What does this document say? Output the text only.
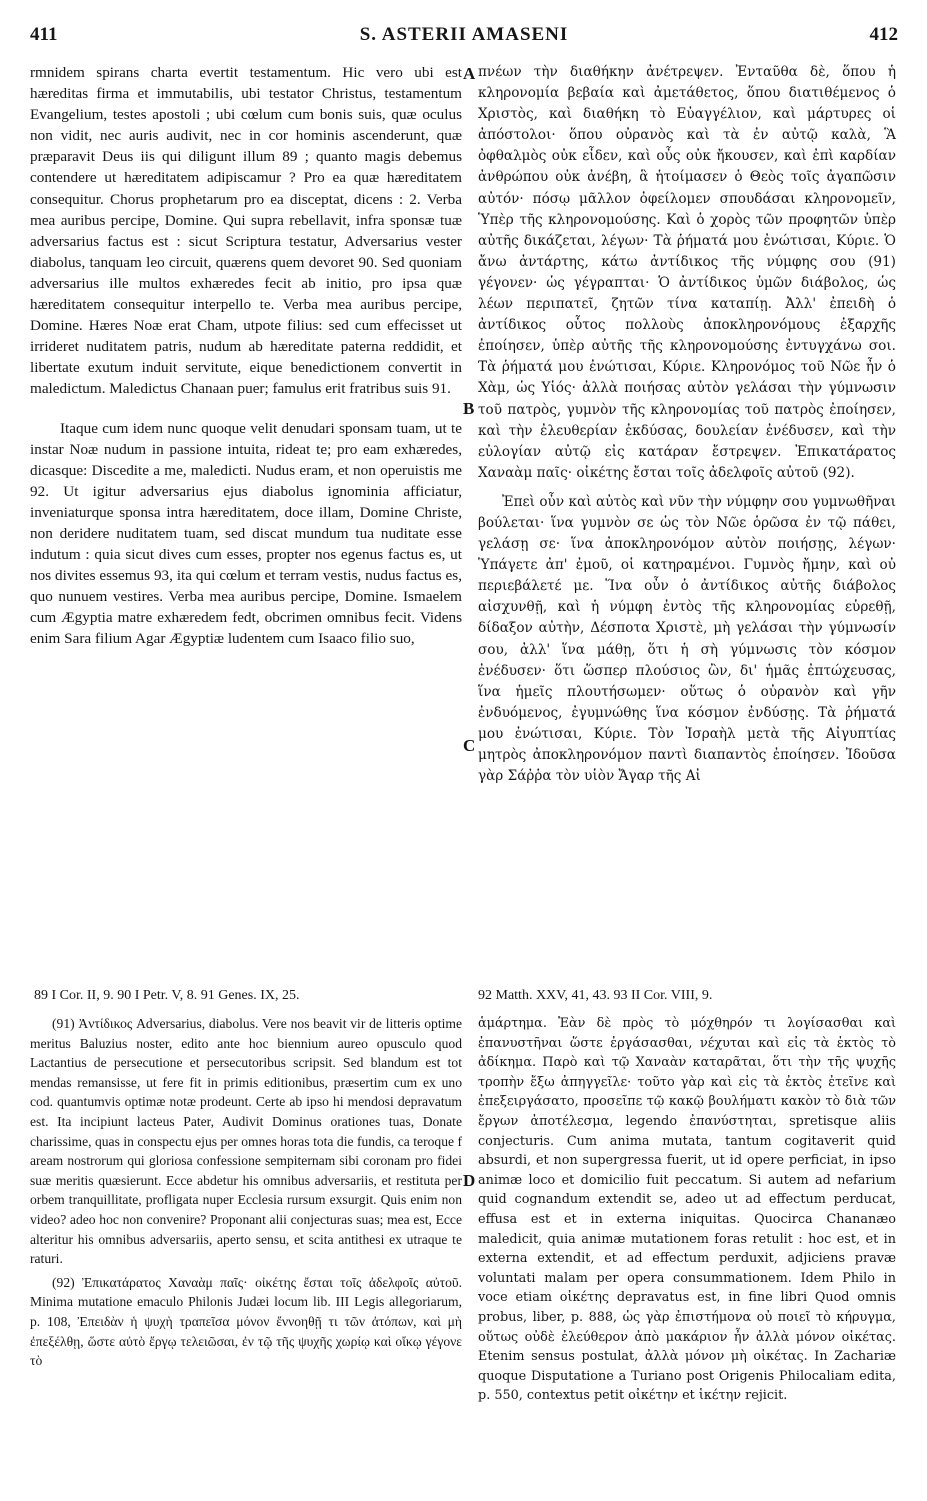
411	S. ASTERII AMASENI	412

rmnidem spirans charta evertit testamentum. Hic vero ubi est hæreditas firma et immutabilis, ubi testator Christus, testamentum Evangelium, testes apostoli ; ubi cœlum cum bonis suis, quæ oculus non vidit, nec auris audivit, nec in cor hominis ascenderunt, quæ præparavit Deus iis qui diligunt illum 89 ; quanto magis debemus contendere ut hæreditatem adipiscamur ? Pro ea quæ hæreditatem consequitur. Chorus prophetarum pro ea disceptat, dicens : 2. Verba mea auribus percipe, Domine. Qui supra rebellavit, infra sponsæ tuæ adversarius factus est : sicut Scriptura testatur, Adversarius vester diabolus, tanquam leo circuit, quærens quem devoret 90. Sed quoniam adversarius ille multos exhæredes fecit ab initio, pro ipsa quæ hæreditatem consequitur interpello te. Verba mea auribus percipe, Domine. Hæres Noæ erat Cham, utpote filius: sed cum effecisset ut irrideret nuditatem patris, nudum ab hæreditate paterna reddidit, et libertate exutum induit servitute, eique benedictionem convertit in maledictum. Maledictus Chanaan puer; famulus erit fratribus suis 91.

Itaque cum idem nunc quoque velit denudari sponsam tuam, ut te instar Noæ nudum in passione intuita, rideat te; pro eam exhæredes, dicasque: Discedite a me, maledicti. Nudus eram, et non operuistis me 92. Ut igitur adversarius ejus diabolus ignominia afficiatur, inveniaturque sponsa intra hæreditatem, doce illam, Domine Christe, non deridere nuditatem tuam, sed discat mundum tua nuditate esse indutum : quia sicut dives cum esses, propter nos egenus factus es, ut nos divites essemus 93, ita qui cœlum et terram vestis, nudus factus es, quo nunuem vestires. Verba mea auribus percipe, Domine. Ismaelem cum Ægyptia matre exhæredem fedt, obcrimen omnibus fecit. Videns enim Sara filium Agar Ægyptiæ ludentem cum Isaaco filio suo,

πνέων τὴν διαθήκην ἀνέτρεψεν. Ἐνταῦθα δὲ, ὅπου ἡ κληρονομία βεβαία καὶ ἀμετάθετος, ὅπου διατιθέμενος ὁ Χριστὸς, καὶ διαθήκη τὸ Εὐαγγέλιον, καὶ μάρτυρες οἱ ἀπόστολοι· ὅπου οὐρανὸς καὶ τὰ ἐν αὐτῷ καλὰ, Ἃ ὀφθαλμὸς οὐκ εἶδεν, καὶ οὖς οὐκ ἤκουσεν, καὶ ἐπὶ καρδίαν ἀνθρώπου οὐκ ἀνέβη, ἃ ἡτοίμασεν ὁ Θεὸς τοῖς ἀγαπῶσιν αὐτόν· πόσῳ μᾶλλον ὀφείλομεν σπουδάσαι κληρονομεῖν, Ὑπὲρ τῆς κληρονομούσης. Καὶ ὁ χορὸς τῶν προφητῶν ὑπὲρ αὐτῆς δικάζεται, λέγων· Τὰ ῥήματά μου ἐνώτισαι, Κύριε. Ὁ ἄνω ἀντάρτης, κάτω ἀντίδικος τῆς νύμφης σου (91) γέγονεν· ὡς γέγραπται· Ὁ ἀντίδικος ὑμῶν διάβολος, ὡς λέων περιπατεῖ, ζητῶν τίνα καταπίῃ. Ἀλλ' ἐπειδὴ ὁ ἀντίδικος οὗτος πολλοὺς ἀποκληρονόμους ἐξαρχῆς ἐποίησεν, ὑπὲρ αὐτῆς τῆς κληρονομούσης ἐντυγχάνω σοι. Τὰ ῥήματά μου ἐνώτισαι, Κύριε. Κληρονόμος τοῦ Νῶε ἦν ὁ Χὰμ, ὡς Υἱός· ἀλλὰ ποιήσας αὐτὸν γελάσαι τὴν γύμνωσιν τοῦ πατρὸς, γυμνὸν τῆς κληρονομίας τοῦ πατρὸς ἐποίησεν, καὶ τὴν ἐλευθερίαν ἐκδύσας, δουλείαν ἐνέδυσεν, καὶ τὴν εὐλογίαν αὐτῷ εἰς κατάραν ἔστρεψεν. Ἐπικατάρατος Χαναὰμ παῖς· οἰκέτης ἔσται τοῖς ἀδελφοῖς αὐτοῦ (92).

Ἐπεὶ οὖν καὶ αὐτὸς καὶ νῦν τὴν νύμφην σου γυμνωθῆναι βούλεται· ἵνα γυμνὸν σε ὡς τὸν Νῶε ὁρῶσα ἐν τῷ πάθει, γελάσῃ σε· ἵνα ἀποκληρονόμον αὐτὸν ποιήσῃς, λέγων· Ὑπάγετε ἀπ' ἐμοῦ, οἱ κατηραμένοι. Γυμνὸς ἤμην, καὶ οὐ περιεβάλετέ με. Ἵνα οὖν ὁ ἀντίδικος αὐτῆς διάβολος αἰσχυνθῇ, καὶ ἡ νύμφη ἐντὸς τῆς κληρονομίας εὑρεθῇ, δίδαξον αὐτὴν, Δέσποτα Χριστὲ, μὴ γελάσαι τὴν γύμνωσίν σου, ἀλλ' ἵνα μάθῃ, ὅτι ἡ σὴ γύμνωσις τὸν κόσμον ἐνέδυσεν· ὅτι ὥσπερ πλούσιος ὢν, δι' ἡμᾶς ἐπτώχευσας, ἵνα ἡμεῖς πλουτήσωμεν· οὕτως ὁ οὐρανὸν καὶ γῆν ἐνδυόμενος, ἐγυμνώθης ἵνα κόσμον ἐνδύσῃς. Τὰ ῥήματά μου ἐνώτισαι, Κύριε. Τὸν Ἰσραὴλ μετὰ τῆς Αἰγυπτίας μητρὸς ἀποκληρονόμον παντὶ διαπαντὸς ἐποίησεν. Ἰδοῦσα γὰρ Σάῤῥα τὸν υἱὸν Ἄγαρ τῆς Αἰ

A
B
C
D
89 I Cor. II, 9. 90 I Petr. V, 8. 91 Genes. IX, 25.	92 Matth. XXV, 41, 43. 93 II Cor. VIII, 9.

(91) Ἀντίδικος Adversarius, diabolus. Vere nos beavit vir de litteris optime meritus Baluzius noster, edito ante hoc biennium aureo opusculo quod Lactantius de persecutione et persecutoribus scripsit. Sed blandum est tot mendas remansisse, ut fere fit in primis editionibus, præsertim cum ex uno cod. quantumvis optimæ notæ prodeunt. Certe ab ipso hi mendosi depravatum est. Ita incipiunt lacteus Pater, Audivit Dominus orationes tuas, Donate charissime, quas in conspectu ejus per omnes horas tota die fundis, ca teroque f aream nostrorum qui gloriosa confessione sempiternam sibi coronam pro fidei suæ meritis quæsierunt. Ecce abdetur his omnibus adversariis, et restituta per orbem tranquillitate, profligata nuper Ecclesia rursum exsurgit. Quis enim non video? adeo hoc non convenire? Proponant alii conjecturas suas; mea est, Ecce alteritur his omnibus adversariis, aperto sensu, et scita antithesi ex utraque te raturi.

(92) Ἐπικατάρατος Χαναὰμ παῖς· οἰκέτης ἔσται τοῖς ἀδελφοῖς αὐτοῦ. Minima mutatione emaculo Philonis Judæi locum lib. III Legis allegoriarum, p. 108, Ἐπειδὰν ἡ ψυχὴ τραπεῖσα μόνον ἔννοηθῇ τι τῶν ἀτόπων, καὶ μὴ ἐπεξέλθῃ, ὥστε αὐτὸ ἔργῳ τελειῶσαι, ἐν τῷ τῆς ψυχῆς χωρίῳ καὶ οἴκῳ γέγονε τὸ

ἁμάρτημα. Ἐὰν δὲ πρὸς τὸ μόχθηρόν τι λογίσασθαι καὶ ἐπανυστῆναι ὥστε ἐργάσασθαι, νέχυται καὶ εἰς τὰ ἐκτὸς τὸ ἀδίκημα. Παρὸ καὶ τῷ Χαναὰν καταρᾶται, ὅτι τὴν τῆς ψυχῆς τροπὴν ἔξω ἀπηγγεῖλε· τοῦτο γὰρ καὶ εἰς τὰ ἐκτὸς ἐτεῖνε καὶ ἐπεξειργάσατο, προσεῖπε τῷ κακῷ βουλήματι κακὸν τὸ διὰ τῶν ἔργων ἀποτέλεσμα, legendo ἐπανύστηται, spretisque aliis conjecturis. Cum anima mutata, tantum cogitaverit quid absurdi, et non supergressa fuerit, ut id opere perficiat, in ipso animæ loco et domicilio fuit peccatum. Si autem ad nefarium quid cognandum extendit se, adeo ut ad effectum perducat, effusa est et in externa iniquitas. Quocirca Chananæo maledicit, quia animæ mutationem foras retulit : hoc est, et in externa extendit, et ad effectum perduxit, adjiciens pravæ voluntati malam per opera consummationem. Idem Philo in voce etiam οἰκέτης depravatus est, in fine libri Quod omnis probus, liber, p. 888, ὡς γὰρ ἐπιστήμονα οὐ ποιεῖ τὸ κήρυγμα, οὕτως οὐδὲ ἐλεύθερον ἀπὸ μακάριον ἦν ἀλλὰ μόνον οἰκέτας. Etenim sensus postulat, ἀλλὰ μόνον μὴ οἰκέτας. In Zachariæ quoque Disputatione a Turiano post Origenis Philocaliam edita, p. 550, contextus petit οἰκέτην et ἱκέτην rejicit.
